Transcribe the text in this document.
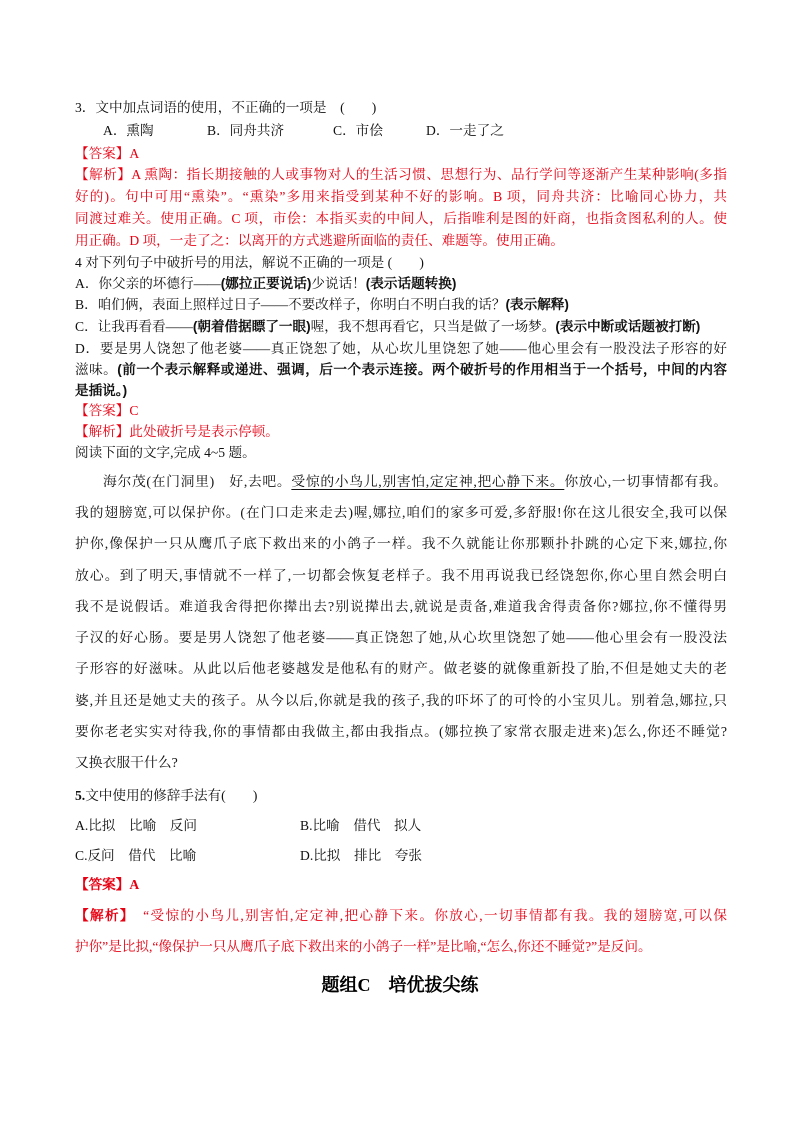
3．文中加点词语的使用，不正确的一项是　(　　)
A．熏陶	B．同舟共济	C．市侩	D．一走了之
【答案】A
【解析】A 熏陶：指长期接触的人或事物对人的生活习惯、思想行为、品行学问等逐渐产生某种影响(多指
好的)。句中可用“熏染”。“熏染”多用来指受到某种不好的影响。B 项，同舟共济：比喻同心协力，共
同渡过难关。使用正确。C 项，市侩：本指买卖的中间人，后指唯利是图的奸商，也指贪图私利的人。使
用正确。D 项，一走了之：以离开的方式逃避所面临的责任、难题等。使用正确。
4 对下列句子中破折号的用法，解说不正确的一项是 (　　)
A．你父亲的坏德行——(娜拉正要说话)少说话！(表示话题转换)
B．咱们俩，表面上照样过日子——不要改样子，你明白不明白我的话？(表示解释)
C．让我再看看——(朝着借据瞟了一眼)喔，我不想再看它，只当是做了一场梦。(表示中断或话题被打断)
D．要是男人饶恕了他老婆——真正饶恕了她，从心坎儿里饶恕了她——他心里会有一股没法子形容的好
滋味。(前一个表示解释或递进、强调，后一个表示连接。两个破折号的作用相当于一个括号，中间的内容
是插说。)
【答案】C
【解析】此处破折号是表示停顿。
阅读下面的文字,完成 4~5 题。
海尔茂(在门洞里)　好,去吧。受惊的小鸟儿,别害怕,定定神,把心静下来。你放心,一切事情都有我。
我的翅膀宽,可以保护你。(在门口走来走去)喔,娜拉,咱们的家多可爱,多舒服!你在这儿很安全,我可以保
护你,像保护一只从鹰爪子底下救出来的小鸽子一样。我不久就能让你那颗扑扑跳的心定下来,娜拉,你
放心。到了明天,事情就不一样了,一切都会恢复老样子。我不用再说我已经饶恕你,你心里自然会明白
我不是说假话。难道我舍得把你撵出去?别说撵出去,就说是责备,难道我舍得责备你?娜拉,你不懂得男
子汉的好心肠。要是男人饶恕了他老婆——真正饶恕了她,从心坎里饶恕了她——他心里会有一股没法
子形容的好滋味。从此以后他老婆越发是他私有的财产。做老婆的就像重新投了胎,不但是她丈夫的老
婆,并且还是她丈夫的孩子。从今以后,你就是我的孩子,我的吓坏了的可怜的小宝贝儿。别着急,娜拉,只
要你老老实实对待我,你的事情都由我做主,都由我指点。(娜拉换了家常衣服走进来)怎么,你还不睡觉?
又换衣服干什么?
5.文中使用的修辞手法有(　　)
A.比拟　比喻　反问	B.比喻　借代　拟人
C.反问　借代　比喻	D.比拟　排比　夸张
【答案】A
【解析】　“受惊的小鸟儿,别害怕,定定神,把心静下来。你放心,一切事情都有我。我的翅膀宽,可以保
护你”是比拟,“像保护一只从鹰爪子底下救出来的小鸽子一样”是比喻,“怎么,你还不睡觉?”是反问。
题组C　培优拔尖练
